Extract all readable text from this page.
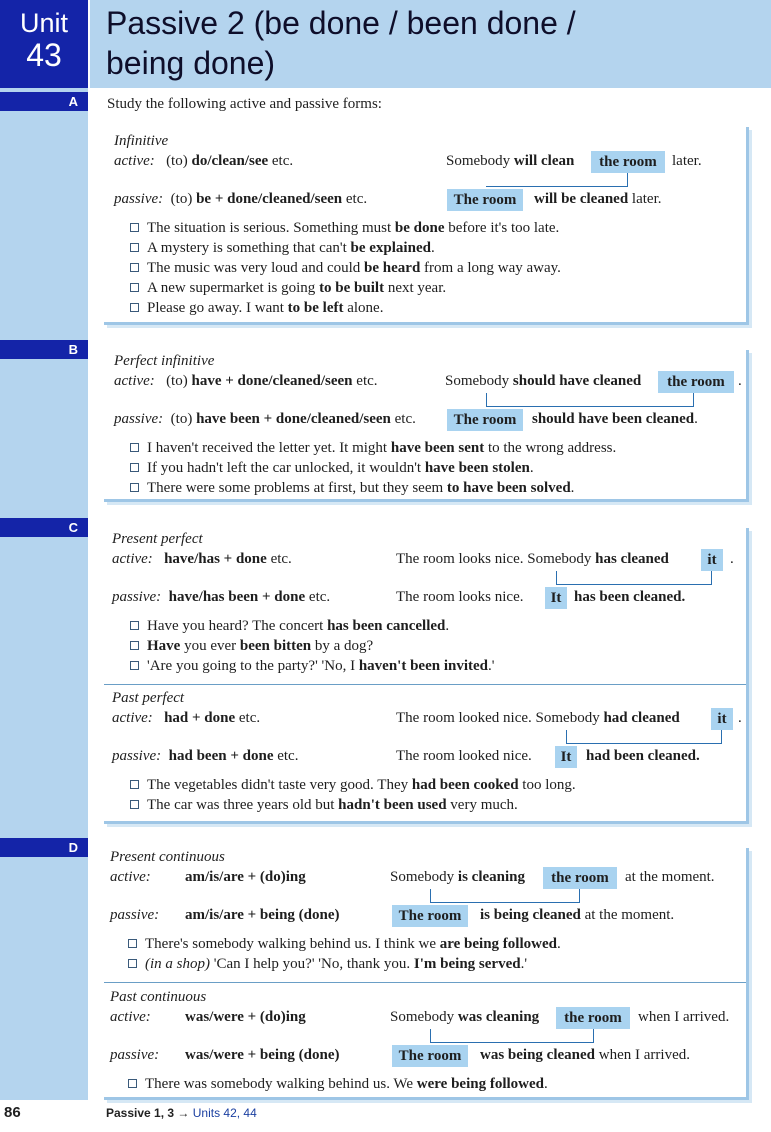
Unit
43
Passive 2 (be done / been done /
being done)
A
B
C
D
Study the following active and passive forms:
Infinitive
active: (to) do/clean/see etc.	Somebody will clean	the room	later.
passive: (to) be + done/cleaned/seen etc.	The room	will be cleaned later.
The situation is serious. Something must be done before it's too late.
A mystery is something that can't be explained.
The music was very loud and could be heard from a long way away.
A new supermarket is going to be built next year.
Please go away. I want to be left alone.
Perfect infinitive
active: (to) have + done/cleaned/seen etc.	Somebody should have cleaned	the room .
passive: (to) have been + done/cleaned/seen etc.	The room	should have been cleaned.
I haven't received the letter yet. It might have been sent to the wrong address.
If you hadn't left the car unlocked, it wouldn't have been stolen.
There were some problems at first, but they seem to have been solved.
Present perfect
active: have/has + done etc.	The room looks nice. Somebody has cleaned	it .
passive: have/has been + done etc.	The room looks nice.	It has been cleaned.
Have you heard? The concert has been cancelled.
Have you ever been bitten by a dog?
'Are you going to the party?' 'No, I haven't been invited.'
Past perfect
active: had + done etc.	The room looked nice. Somebody had cleaned	it .
passive: had been + done etc.	The room looked nice.	It had been cleaned.
The vegetables didn't taste very good. They had been cooked too long.
The car was three years old but hadn't been used very much.
Present continuous
active: am/is/are + (do)ing	Somebody is cleaning	the room	at the moment.
passive: am/is/are + being (done)	The room	is being cleaned at the moment.
There's somebody walking behind us. I think we are being followed.
(in a shop) 'Can I help you?' 'No, thank you. I'm being served.'
Past continuous
active: was/were + (do)ing	Somebody was cleaning	the room	when I arrived.
passive: was/were + being (done)	The room	was being cleaned when I arrived.
There was somebody walking behind us. We were being followed.
86	Passive 1, 3 → Units 42, 44
